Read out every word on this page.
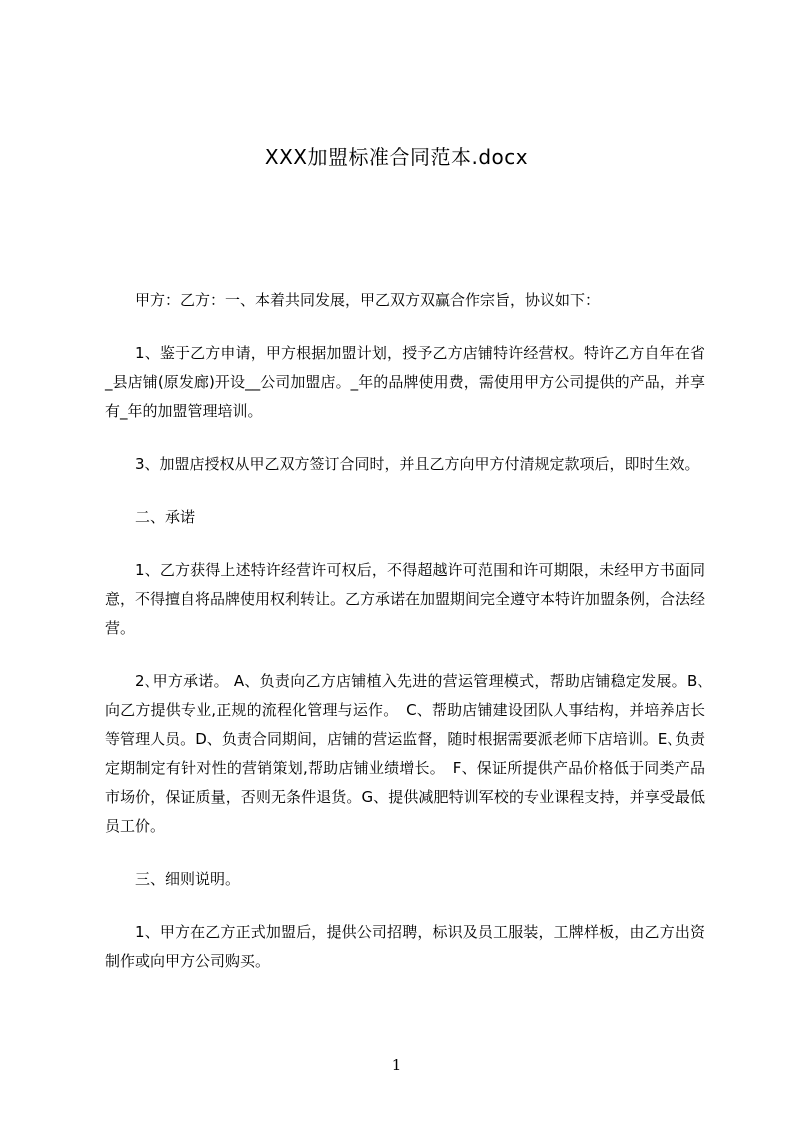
XXX加盟标准合同范本.docx

甲方：乙方：一、本着共同发展，甲乙双方双赢合作宗旨，协议如下：

1、鉴于乙方申请，甲方根据加盟计划，授予乙方店铺特许经营权。特许乙方自年在省_县店铺(原发廊)开设__公司加盟店。_年的品牌使用费，需使用甲方公司提供的产品，并享有_年的加盟管理培训。

3、加盟店授权从甲乙双方签订合同时，并且乙方向甲方付清规定款项后，即时生效。

二、承诺

1、乙方获得上述特许经营许可权后，不得超越许可范围和许可期限，未经甲方书面同意，不得擅自将品牌使用权利转让。乙方承诺在加盟期间完全遵守本特许加盟条例，合法经营。

2､甲方承诺。 A、负责向乙方店铺植入先进的营运管理模式，帮助店铺稳定发展。B､向乙方提供专业,正规的流程化管理与运作。　C、帮助店铺建设团队人事结构，并培养店长等管理人员。D、负责合同期间，店铺的营运监督，随时根据需要派老师下店培训。E､负责定期制定有针对性的营销策划,帮助店铺业绩增长。　F、保证所提供产品价格低于同类产品市场价，保证质量，否则无条件退货。G、提供减肥特训军校的专业课程支持，并享受最低员工价。

三、细则说明。

1、甲方在乙方正式加盟后，提供公司招聘，标识及员工服装，工牌样板，由乙方出资制作或向甲方公司购买。

1
